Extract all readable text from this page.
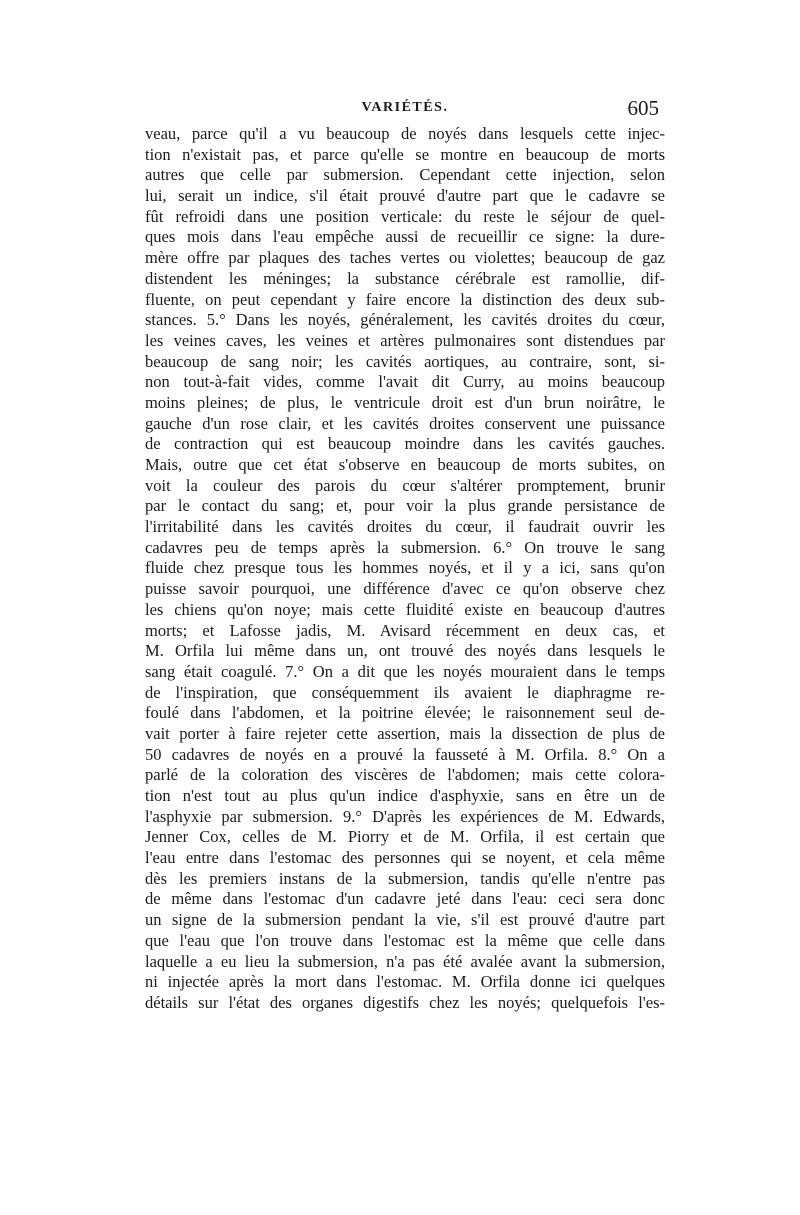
VARIÉTÉS.	605
veau, parce qu'il a vu beaucoup de noyés dans lesquels cette injec-
tion n'existait pas, et parce qu'elle se montre en beaucoup de morts
autres que celle par submersion. Cependant cette injection, selon
lui, serait un indice, s'il était prouvé d'autre part que le cadavre se
fût refroidi dans une position verticale: du reste le séjour de quel-
ques mois dans l'eau empêche aussi de recueillir ce signe: la dure-
mère offre par plaques des taches vertes ou violettes; beaucoup de gaz
distendent les méninges; la substance cérébrale est ramollie, dif-
fluente, on peut cependant y faire encore la distinction des deux sub-
stances. 5.° Dans les noyés, généralement, les cavités droites du cœur,
les veines caves, les veines et artères pulmonaires sont distendues par
beaucoup de sang noir; les cavités aortiques, au contraire, sont, si-
non tout-à-fait vides, comme l'avait dit Curry, au moins beaucoup
moins pleines; de plus, le ventricule droit est d'un brun noirâtre, le
gauche d'un rose clair, et les cavités droites conservent une puissance
de contraction qui est beaucoup moindre dans les cavités gauches.
Mais, outre que cet état s'observe en beaucoup de morts subites, on
voit la couleur des parois du cœur s'altérer promptement, brunir
par le contact du sang; et, pour voir la plus grande persistance de
l'irritabilité dans les cavités droites du cœur, il faudrait ouvrir les
cadavres peu de temps après la submersion. 6.° On trouve le sang
fluide chez presque tous les hommes noyés, et il y a ici, sans qu'on
puisse savoir pourquoi, une différence d'avec ce qu'on observe chez
les chiens qu'on noye; mais cette fluidité existe en beaucoup d'autres
morts; et Lafosse jadis, M. Avisard récemment en deux cas, et
M. Orfila lui même dans un, ont trouvé des noyés dans lesquels le
sang était coagulé. 7.° On a dit que les noyés mouraient dans le temps
de l'inspiration, que conséquemment ils avaient le diaphragme re-
foulé dans l'abdomen, et la poitrine élevée; le raisonnement seul de-
vait porter à faire rejeter cette assertion, mais la dissection de plus de
50 cadavres de noyés en a prouvé la fausseté à M. Orfila. 8.° On a
parlé de la coloration des viscères de l'abdomen; mais cette colora-
tion n'est tout au plus qu'un indice d'asphyxie, sans en être un de
l'asphyxie par submersion. 9.° D'après les expériences de M. Edwards,
Jenner Cox, celles de M. Piorry et de M. Orfila, il est certain que
l'eau entre dans l'estomac des personnes qui se noyent, et cela même
dès les premiers instans de la submersion, tandis qu'elle n'entre pas
de même dans l'estomac d'un cadavre jeté dans l'eau: ceci sera donc
un signe de la submersion pendant la vie, s'il est prouvé d'autre part
que l'eau que l'on trouve dans l'estomac est la même que celle dans
laquelle a eu lieu la submersion, n'a pas été avalée avant la submersion,
ni injectée après la mort dans l'estomac. M. Orfila donne ici quelques
détails sur l'état des organes digestifs chez les noyés; quelquefois l'es-
